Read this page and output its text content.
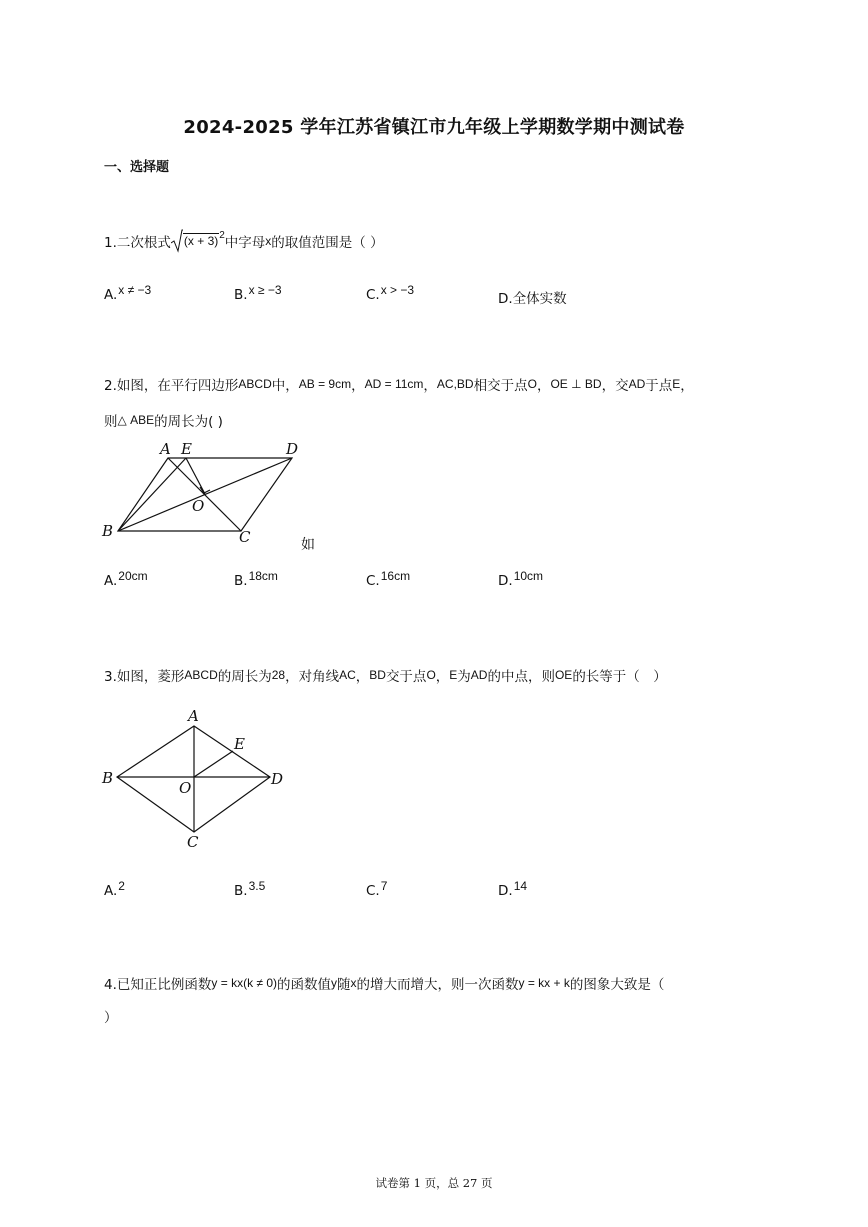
2024-2025 学年江苏省镇江市九年级上学期数学期中测试卷
一、选择题
1.二次根式 $(x + 3)^2$中字母x的取值范围是（ ）
A.x ≠ −3	B.x ≥ −3	C.x > −3
D.全体实数
2.如图，在平行四边形ABCD中，AB = 9cm，AD = 11cm，AC,BD相交于点O，OE ⊥ BD，交AD于点E，
则△ ABE的周长为( )
A E	D
O
B	C	如
A.20cm	B.18cm	C.16cm	D.10cm
3.如图，菱形ABCD的周长为28，对角线AC，BD交于点O，E为AD的中点，则OE的长等于（　）
A
E
B
O	D
C
A.2	B.3.5	C.7	D.14
4.已知正比例函数y = kx(k ≠ 0)的函数值y随x的增大而增大，则一次函数y = kx + k的图象大致是（
）
试卷第 1 页，总 27 页
